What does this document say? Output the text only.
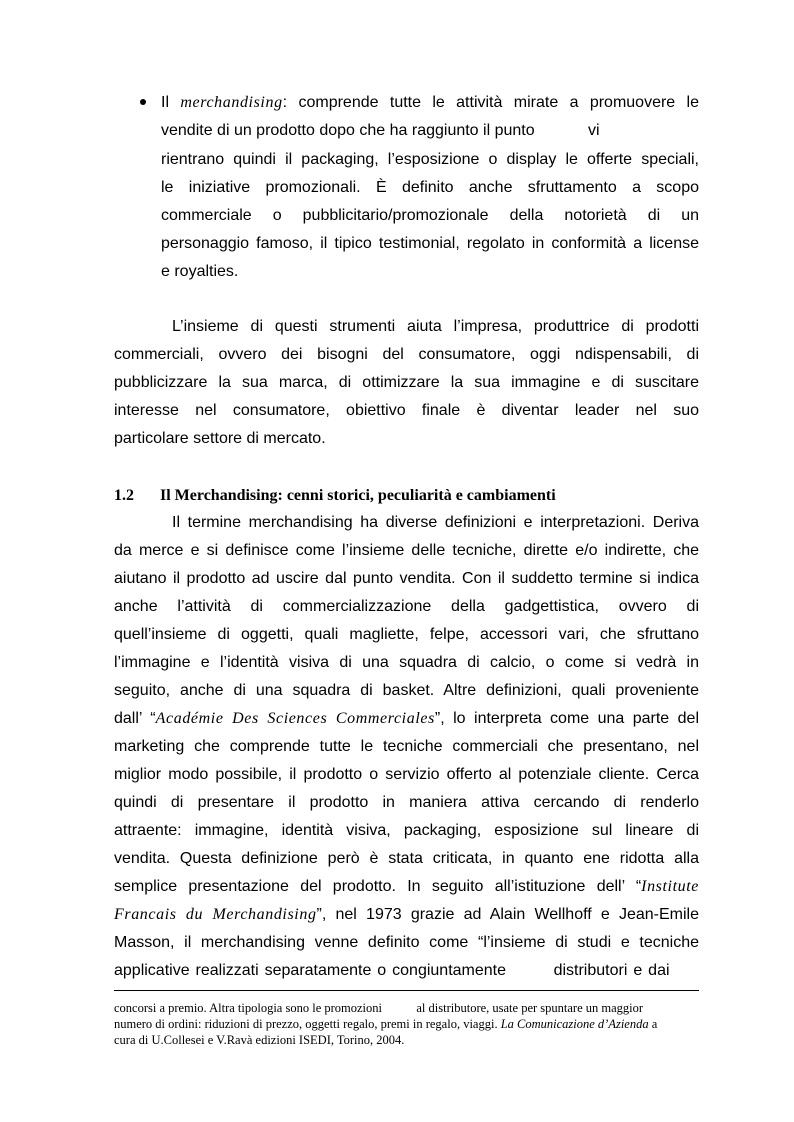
Il merchandising: comprende tutte le attività mirate a promuovere le
vendite di un prodotto dopo che ha raggiunto il punto            vi
rientrano quindi il packaging, l’esposizione o display le offerte speciali,
le iniziative promozionali. È definito anche sfruttamento a scopo
commerciale o pubblicitario/promozionale della notorietà di un
personaggio famoso, il tipico testimonial, regolato in conformità a license
e royalties.
L’insieme di questi strumenti aiuta l’impresa, produttrice di prodotti
commerciali, ovvero dei bisogni del consumatore, oggi ndispensabili, di
pubblicizzare la sua marca, di ottimizzare la sua immagine e di suscitare
interesse nel consumatore, obiettivo finale è diventar leader nel suo
particolare settore di mercato.
1.2 Il Merchandising: cenni storici, peculiarità e cambiamenti
Il termine merchandising ha diverse definizioni e interpretazioni. Deriva
da merce e si definisce come l’insieme delle tecniche, dirette e/o indirette, che
aiutano il prodotto ad uscire dal punto vendita. Con il suddetto termine si indica
anche l’attività di commercializzazione della gadgettistica, ovvero di
quell’insieme di oggetti, quali magliette, felpe, accessori vari, che sfruttano
l’immagine e l’identità visiva di una squadra di calcio, o come si vedrà in
seguito, anche di una squadra di basket. Altre definizioni, quali proveniente
dall’ “Académie Des Sciences Commerciales”, lo interpreta come una parte del
marketing che comprende tutte le tecniche commerciali che presentano, nel
miglior modo possibile, il prodotto o servizio offerto al potenziale cliente. Cerca
quindi di presentare il prodotto in maniera attiva cercando di renderlo
attraente: immagine, identità visiva, packaging, esposizione sul lineare di
vendita. Questa definizione però è stata criticata, in quanto ene ridotta alla
semplice presentazione del prodotto. In seguito all’istituzione dell’ “Institute
Francais du Merchandising”, nel 1973 grazie ad Alain Wellhoff e Jean-Emile
Masson, il merchandising venne definito come “l’insieme di studi e tecniche
applicative realizzati separatamente o congiuntamente        distributori e dai
concorsi a premio. Altra tipologia sono le promozioni           al distributore, usate per spuntare un maggior
numero di ordini: riduzioni di prezzo, oggetti regalo, premi in regalo, viaggi. La Comunicazione d’Azienda a
cura di U.Collesei e V.Ravà edizioni ISEDI, Torino, 2004.
